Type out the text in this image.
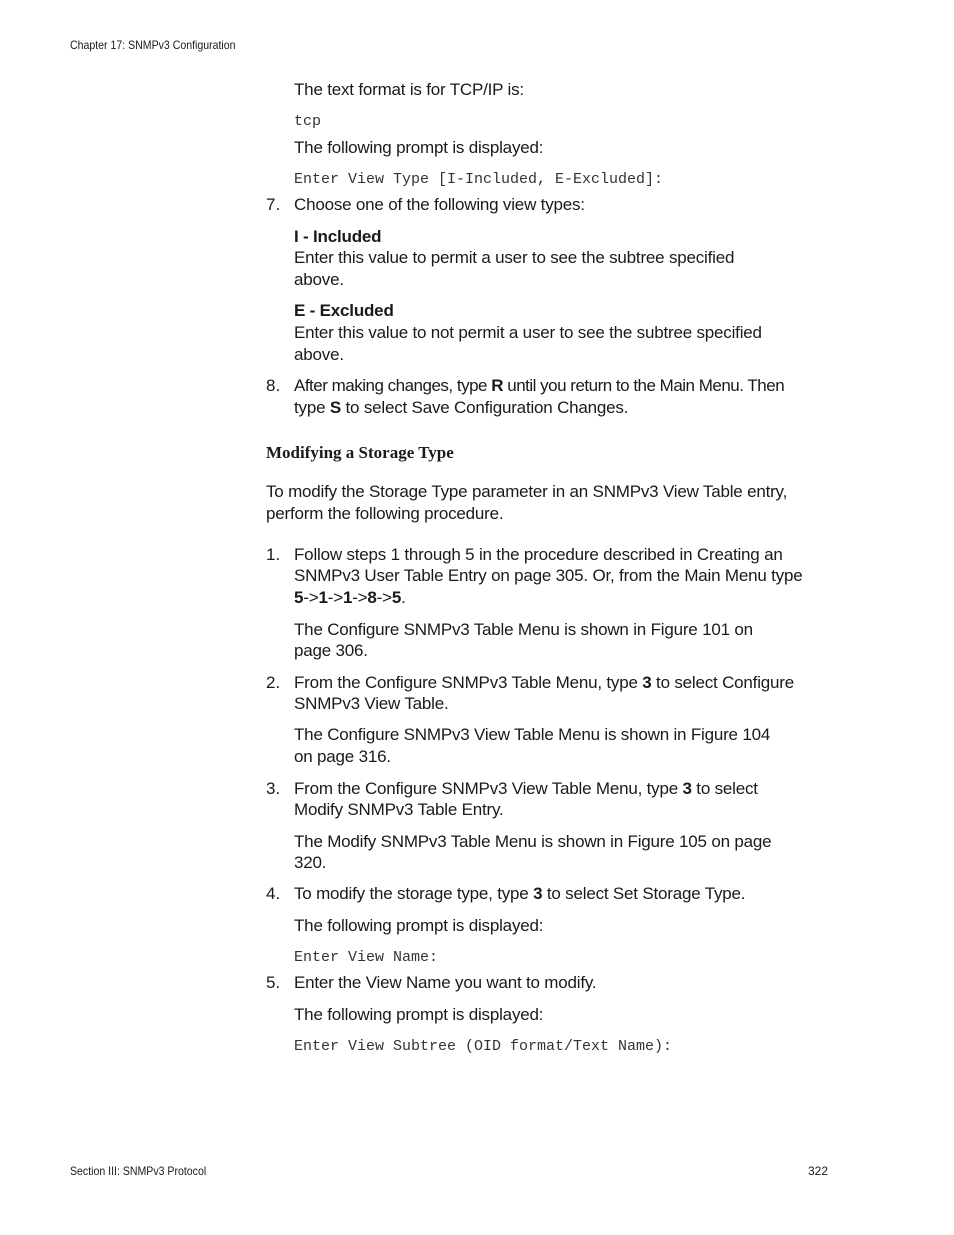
Chapter 17: SNMPv3 Configuration
The text format is for TCP/IP is:
tcp
The following prompt is displayed:
Enter View Type [I-Included, E-Excluded]:
7. Choose one of the following view types:
I - Included
Enter this value to permit a user to see the subtree specified
above.
E - Excluded
Enter this value to not permit a user to see the subtree specified
above.
8. After making changes, type R until you return to the Main Menu. Then
type S to select Save Configuration Changes.
Modifying a Storage Type
To modify the Storage Type parameter in an SNMPv3 View Table entry,
perform the following procedure.
1. Follow steps 1 through 5 in the procedure described in Creating an
SNMPv3 User Table Entry on page 305. Or, from the Main Menu type
5->1->1->8->5.
The Configure SNMPv3 Table Menu is shown in Figure 101 on
page 306.
2. From the Configure SNMPv3 Table Menu, type 3 to select Configure
SNMPv3 View Table.
The Configure SNMPv3 View Table Menu is shown in Figure 104
on page 316.
3. From the Configure SNMPv3 View Table Menu, type 3 to select
Modify SNMPv3 Table Entry.
The Modify SNMPv3 Table Menu is shown in Figure 105 on page
320.
4. To modify the storage type, type 3 to select Set Storage Type.
The following prompt is displayed:
Enter View Name:
5. Enter the View Name you want to modify.
The following prompt is displayed:
Enter View Subtree (OID format/Text Name):
Section III: SNMPv3 Protocol	322
